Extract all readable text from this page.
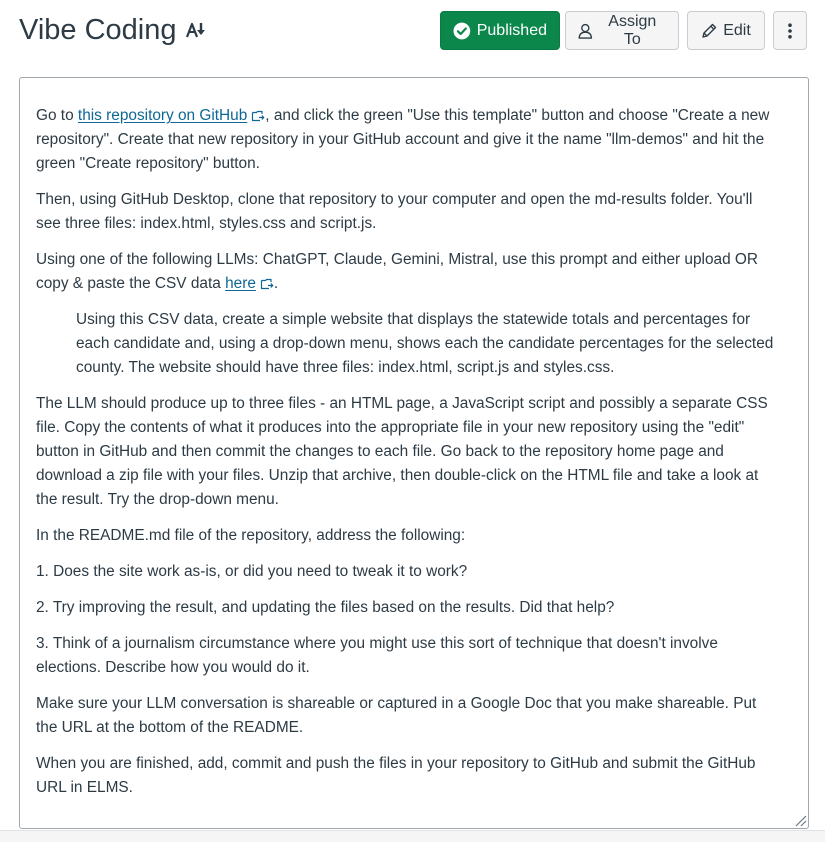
Vibe Coding	Published
Assign To
Edit

Go to this repository on GitHub , and click the green "Use this template" button and choose "Create a new
repository". Create that new repository in your GitHub account and give it the name "llm-demos" and hit the
green "Create repository" button.

Then, using GitHub Desktop, clone that repository to your computer and open the md-results folder. You'll
see three files: index.html, styles.css and script.js.

Using one of the following LLMs: ChatGPT, Claude, Gemini, Mistral, use this prompt and either upload OR
copy & paste the CSV data here .

Using this CSV data, create a simple website that displays the statewide totals and percentages for
each candidate and, using a drop-down menu, shows each the candidate percentages for the selected
county. The website should have three files: index.html, script.js and styles.css.

The LLM should produce up to three files - an HTML page, a JavaScript script and possibly a separate CSS
file. Copy the contents of what it produces into the appropriate file in your new repository using the "edit"
button in GitHub and then commit the changes to each file. Go back to the repository home page and
download a zip file with your files. Unzip that archive, then double-click on the HTML file and take a look at
the result. Try the drop-down menu.

In the README.md file of the repository, address the following:

1. Does the site work as-is, or did you need to tweak it to work?

2. Try improving the result, and updating the files based on the results. Did that help?

3. Think of a journalism circumstance where you might use this sort of technique that doesn't involve
elections. Describe how you would do it.

Make sure your LLM conversation is shareable or captured in a Google Doc that you make shareable. Put
the URL at the bottom of the README.

When you are finished, add, commit and push the files in your repository to GitHub and submit the GitHub
URL in ELMS.
